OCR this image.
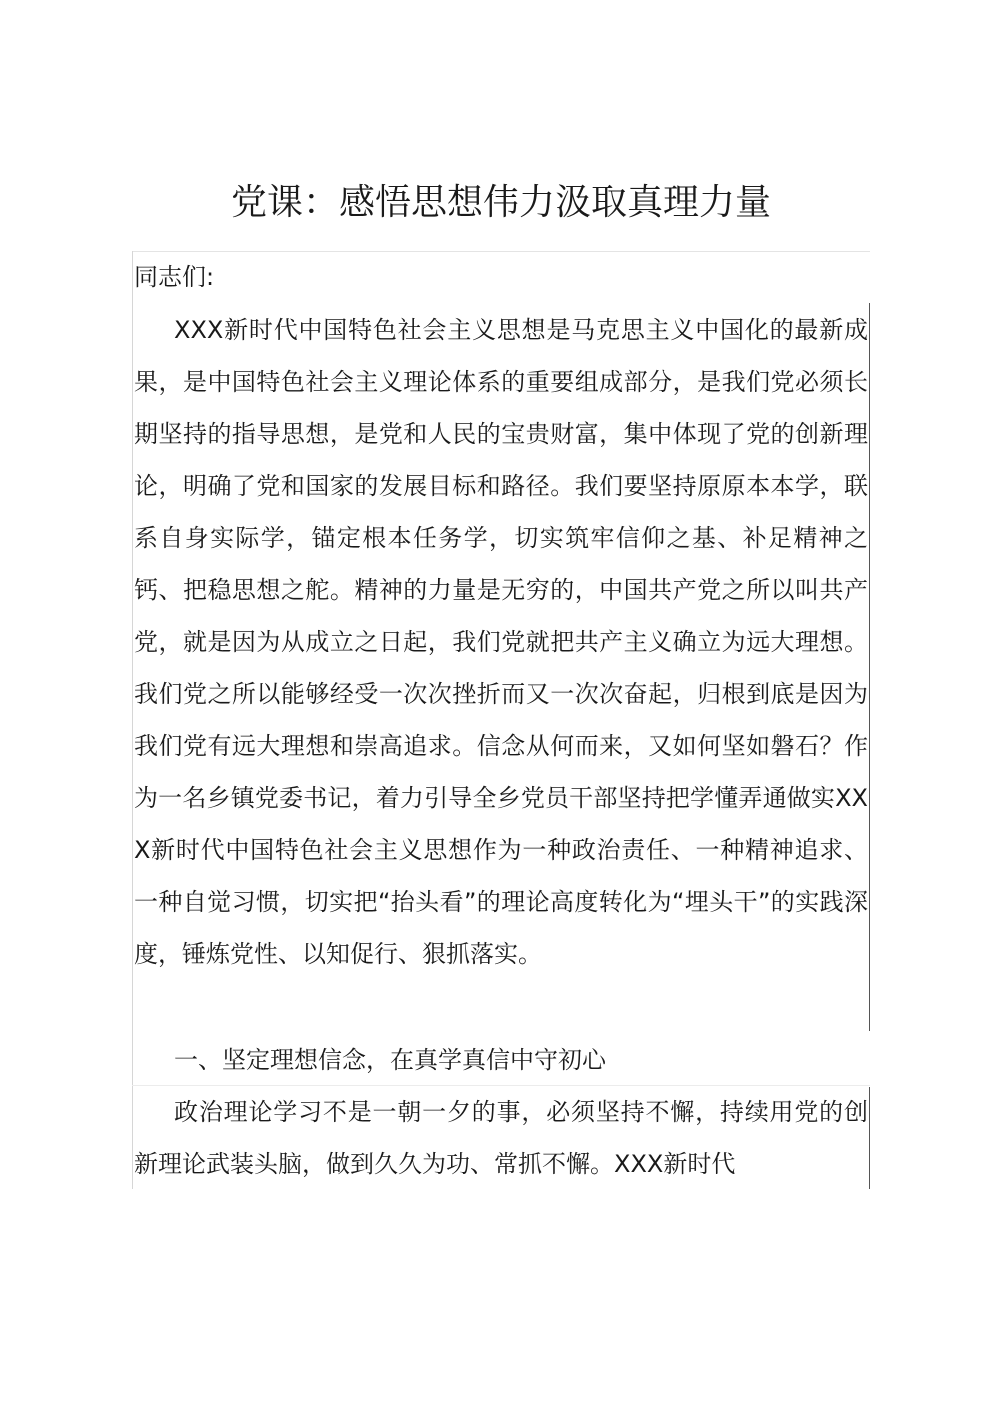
党课：感悟思想伟力汲取真理力量

同志们:

XXX新时代中国特色社会主义思想是马克思主义中国化的最新成果，是中国特色社会主义理论体系的重要组成部分，是我们党必须长期坚持的指导思想，是党和人民的宝贵财富，集中体现了党的创新理论，明确了党和国家的发展目标和路径。我们要坚持原原本本学，联系自身实际学，锚定根本任务学，切实筑牢信仰之基、补足精神之钙、把稳思想之舵。精神的力量是无穷的，中国共产党之所以叫共产党，就是因为从成立之日起，我们党就把共产主义确立为远大理想。我们党之所以能够经受一次次挫折而又一次次奋起，归根到底是因为我们党有远大理想和崇高追求。信念从何而来，又如何坚如磐石？作为一名乡镇党委书记，着力引导全乡党员干部坚持把学懂弄通做实XXX新时代中国特色社会主义思想作为一种政治责任、一种精神追求、一种自觉习惯，切实把“抬头看”的理论高度转化为“埋头干”的实践深度，锤炼党性、以知促行、狠抓落实。

一、坚定理想信念，在真学真信中守初心

政治理论学习不是一朝一夕的事，必须坚持不懈，持续用党的创新理论武装头脑，做到久久为功、常抓不懈。XXX新时代
